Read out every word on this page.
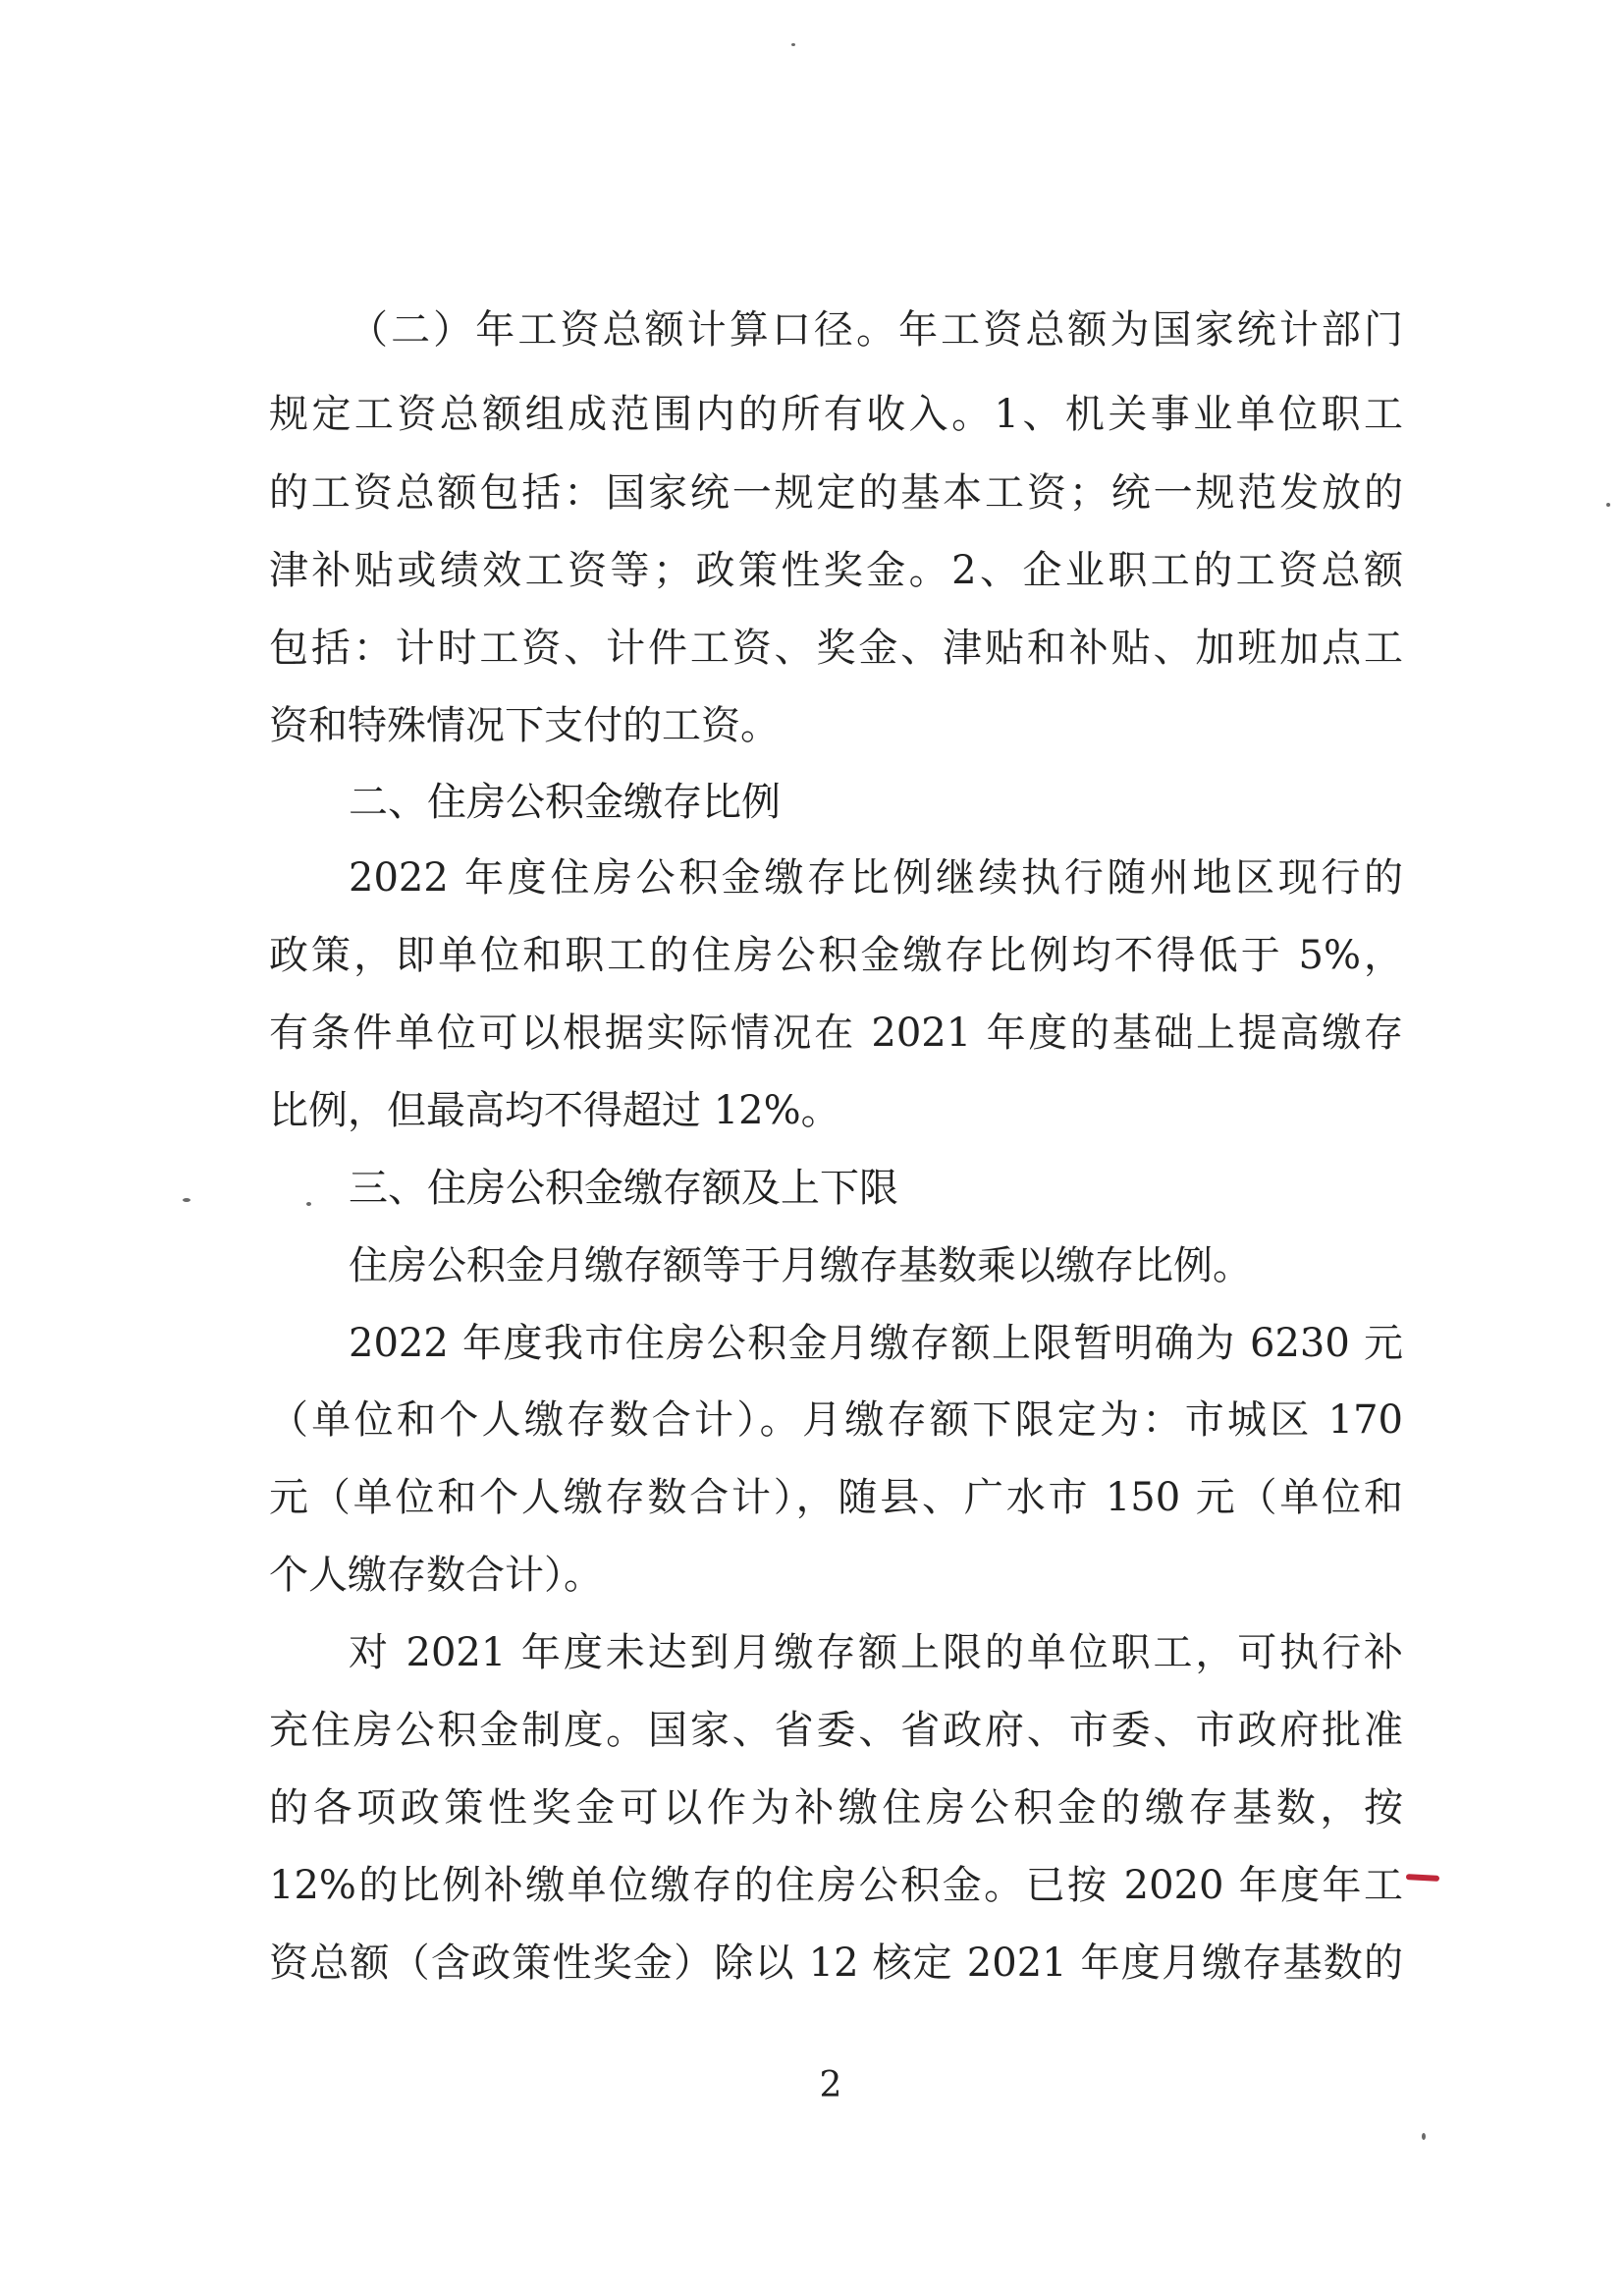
（二）年工资总额计算口径。年工资总额为国家统计部门
规定工资总额组成范围内的所有收入。1、机关事业单位职工
的工资总额包括：国家统一规定的基本工资；统一规范发放的
津补贴或绩效工资等；政策性奖金。2、企业职工的工资总额
包括：计时工资、计件工资、奖金、津贴和补贴、加班加点工
资和特殊情况下支付的工资。
二、住房公积金缴存比例
2022 年度住房公积金缴存比例继续执行随州地区现行的
政策，即单位和职工的住房公积金缴存比例均不得低于 5%，
有条件单位可以根据实际情况在 2021 年度的基础上提高缴存
比例，但最高均不得超过 12%。
三、住房公积金缴存额及上下限
住房公积金月缴存额等于月缴存基数乘以缴存比例。
2022 年度我市住房公积金月缴存额上限暂明确为 6230 元
（单位和个人缴存数合计）。月缴存额下限定为：市城区 170
元（单位和个人缴存数合计），随县、广水市 150 元（单位和
个人缴存数合计）。
对 2021 年度未达到月缴存额上限的单位职工，可执行补
充住房公积金制度。国家、省委、省政府、市委、市政府批准
的各项政策性奖金可以作为补缴住房公积金的缴存基数，按
12%的比例补缴单位缴存的住房公积金。已按 2020 年度年工
资总额（含政策性奖金）除以 12 核定 2021 年度月缴存基数的
2
